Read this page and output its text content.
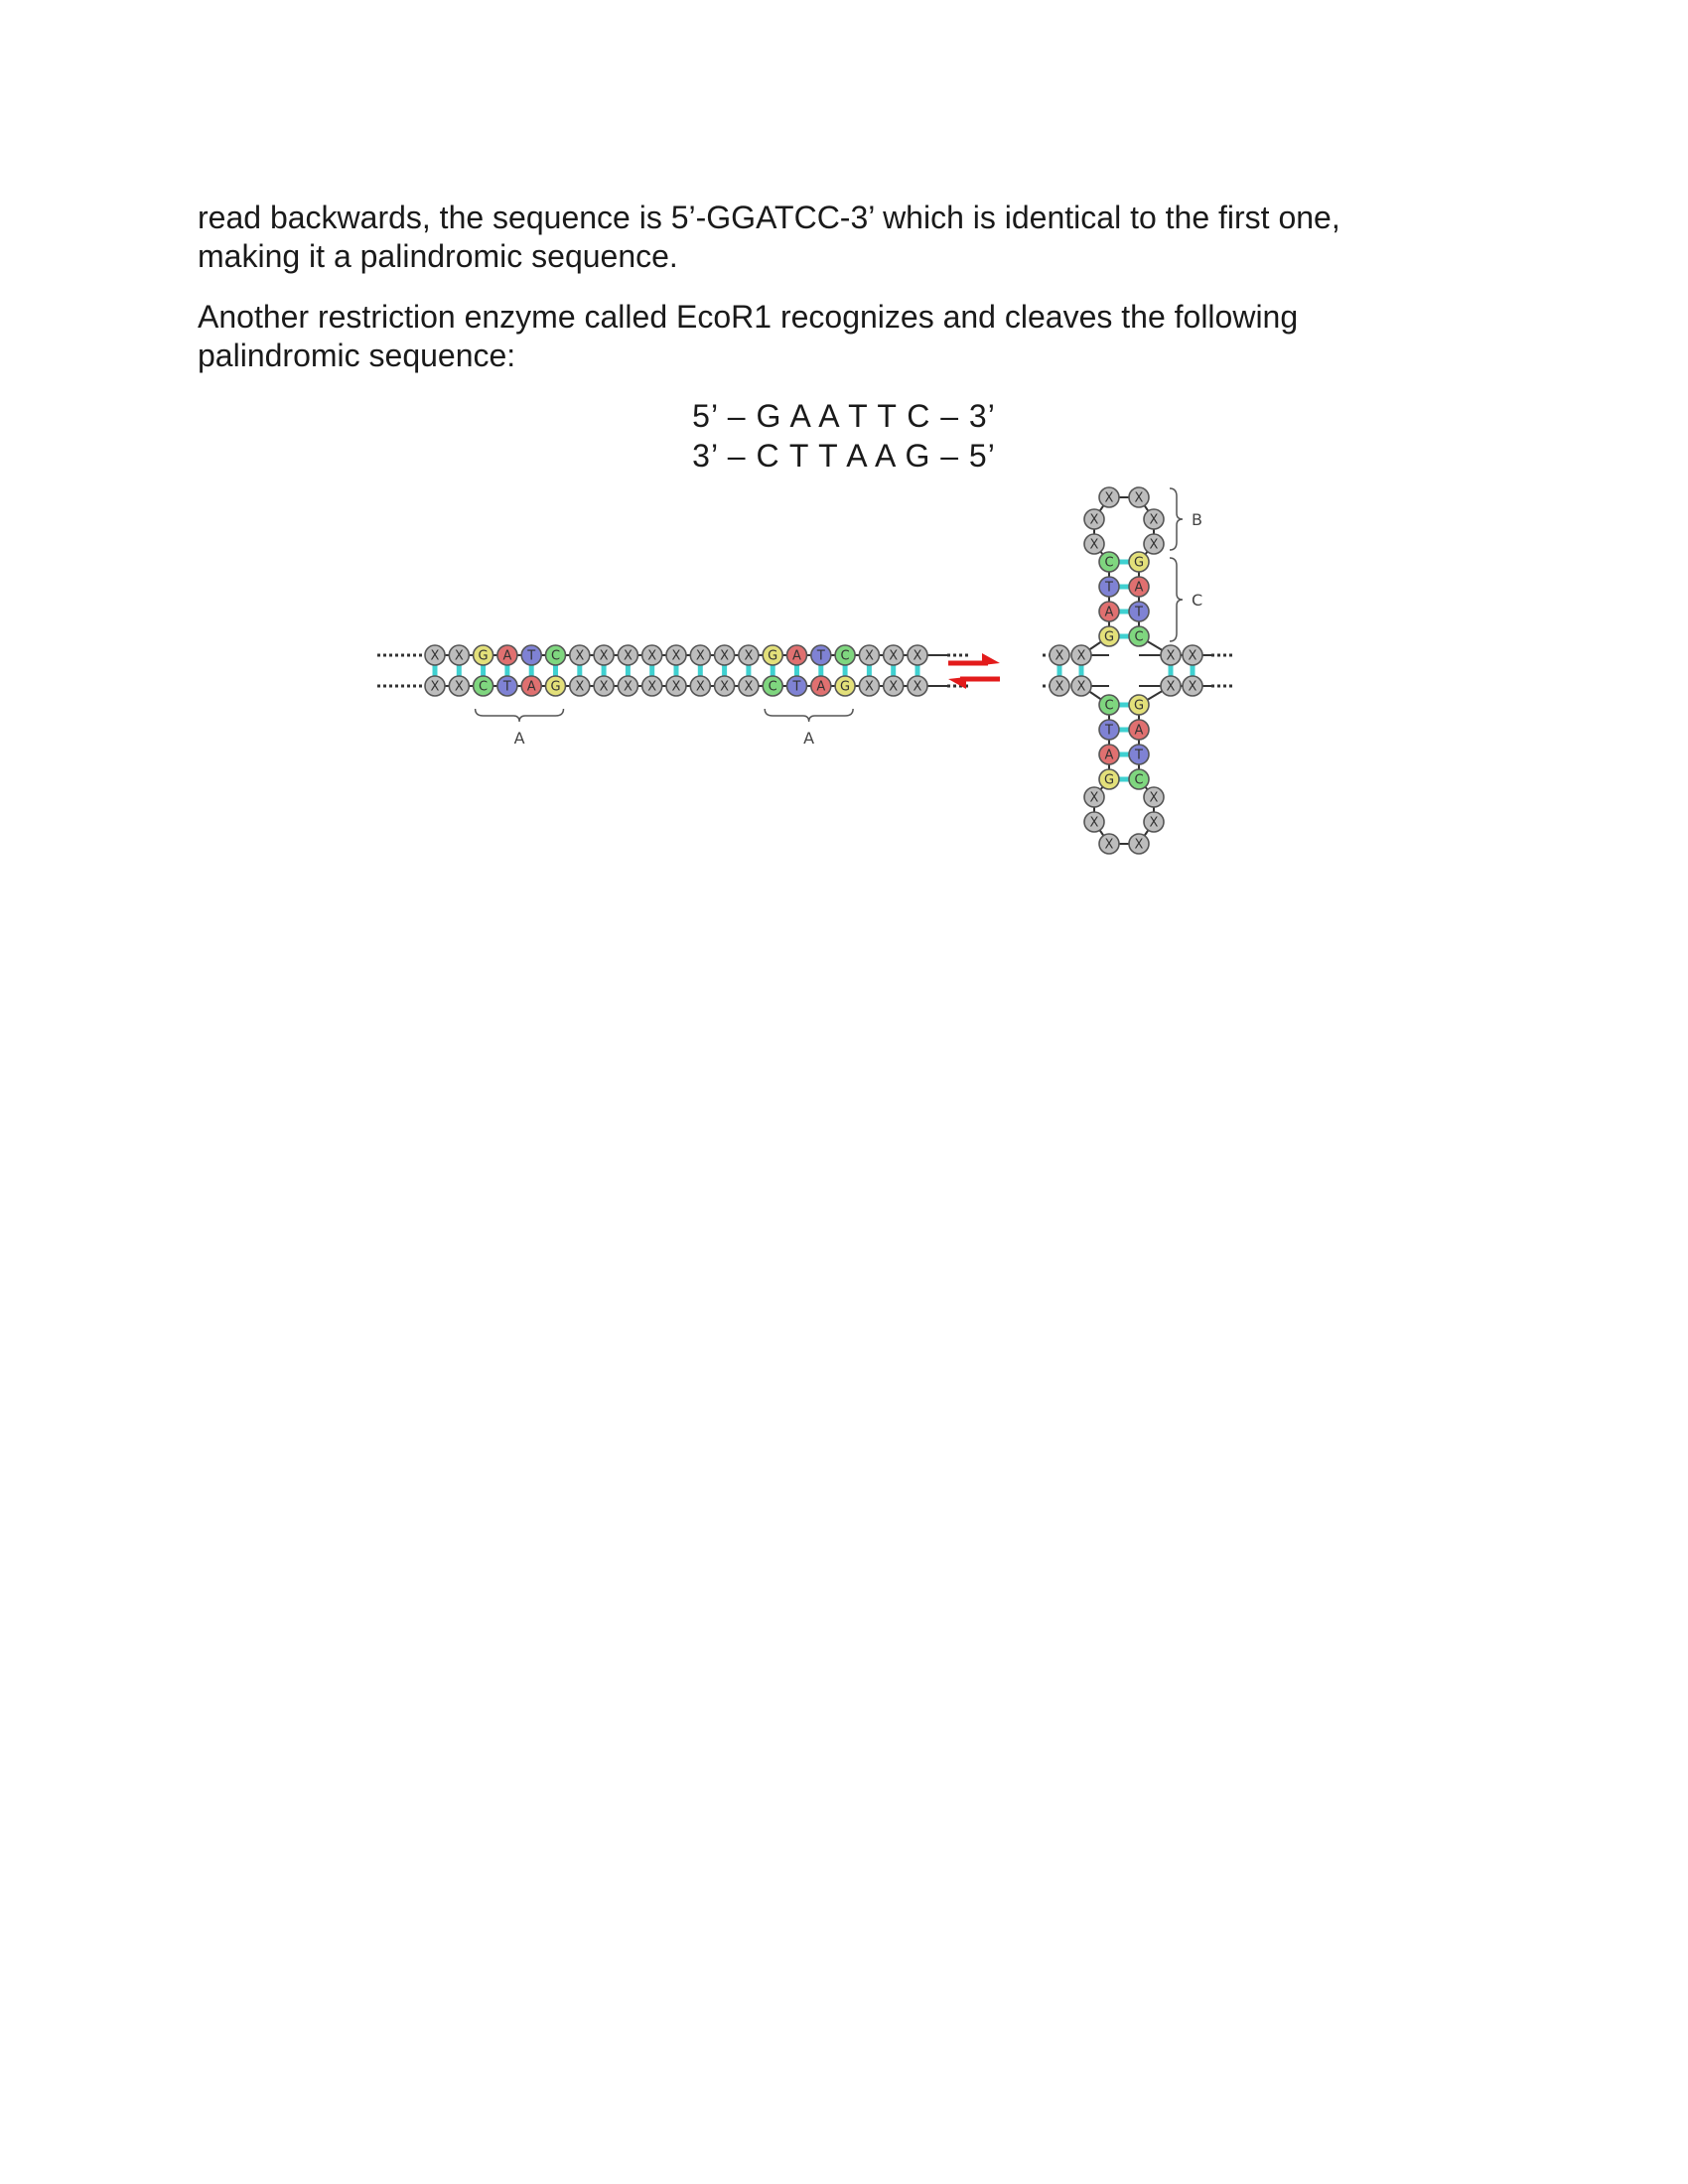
read backwards, the sequence is 5’-GGATCC-3’ which is identical to the first one, making it a palindromic sequence.

Another restriction enzyme called EcoR1 recognizes and cleaves the following palindromic sequence:

5’ – G A A T T C – 3’

3’ – C T T A A G – 5’

X
X
X
X
G
C
A
T
T
A
C
G
X
X
X
X
X
X
X
X
X
X
X
X
X
X
X
X
G
C
A
T
T
A
C
G
X
X
X
X
X
X
X X
X X
X X
X X
G C
A T
T A
C G
X
X
X X
X
X
C G
T A
A T
G C
X
X
X X
X
X
A	A
B
C
